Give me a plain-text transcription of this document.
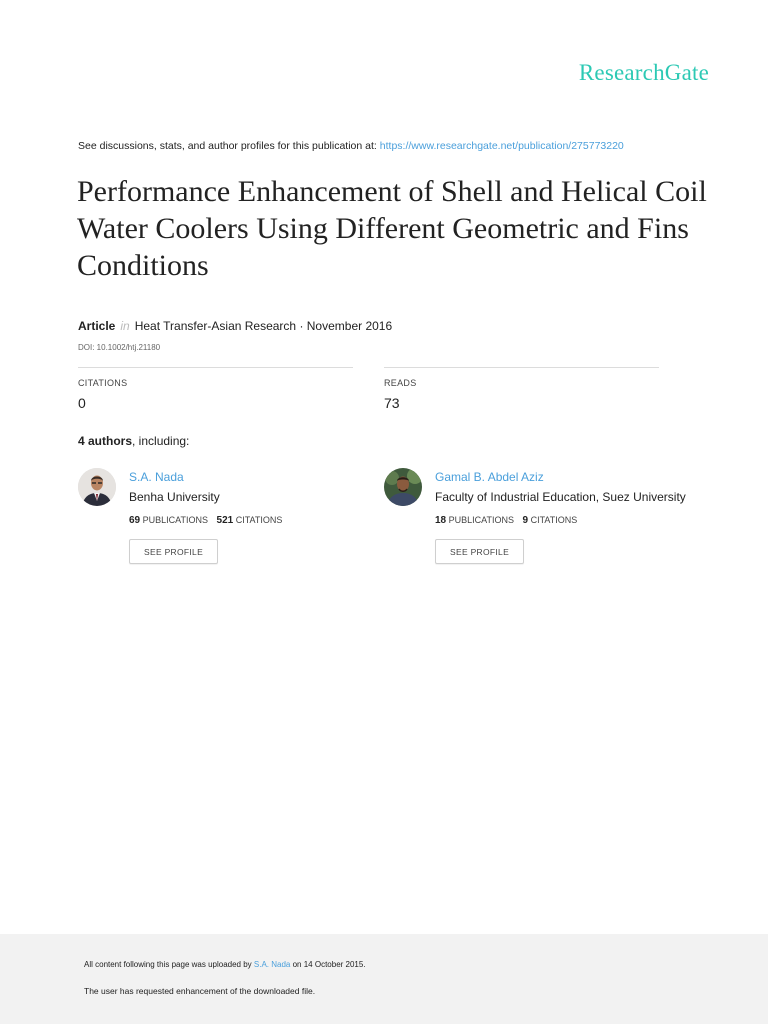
ResearchGate
See discussions, stats, and author profiles for this publication at: https://www.researchgate.net/publication/275773220
Performance Enhancement of Shell and Helical Coil Water Coolers Using Different Geometric and Fins Conditions
Article in Heat Transfer-Asian Research · November 2016
DOI: 10.1002/htj.21180
CITATIONS
0
READS
73
4 authors, including:
S.A. Nada
Benha University
69 PUBLICATIONS 521 CITATIONS
SEE PROFILE
Gamal B. Abdel Aziz
Faculty of Industrial Education, Suez University
18 PUBLICATIONS 9 CITATIONS
SEE PROFILE
All content following this page was uploaded by S.A. Nada on 14 October 2015.
The user has requested enhancement of the downloaded file.
